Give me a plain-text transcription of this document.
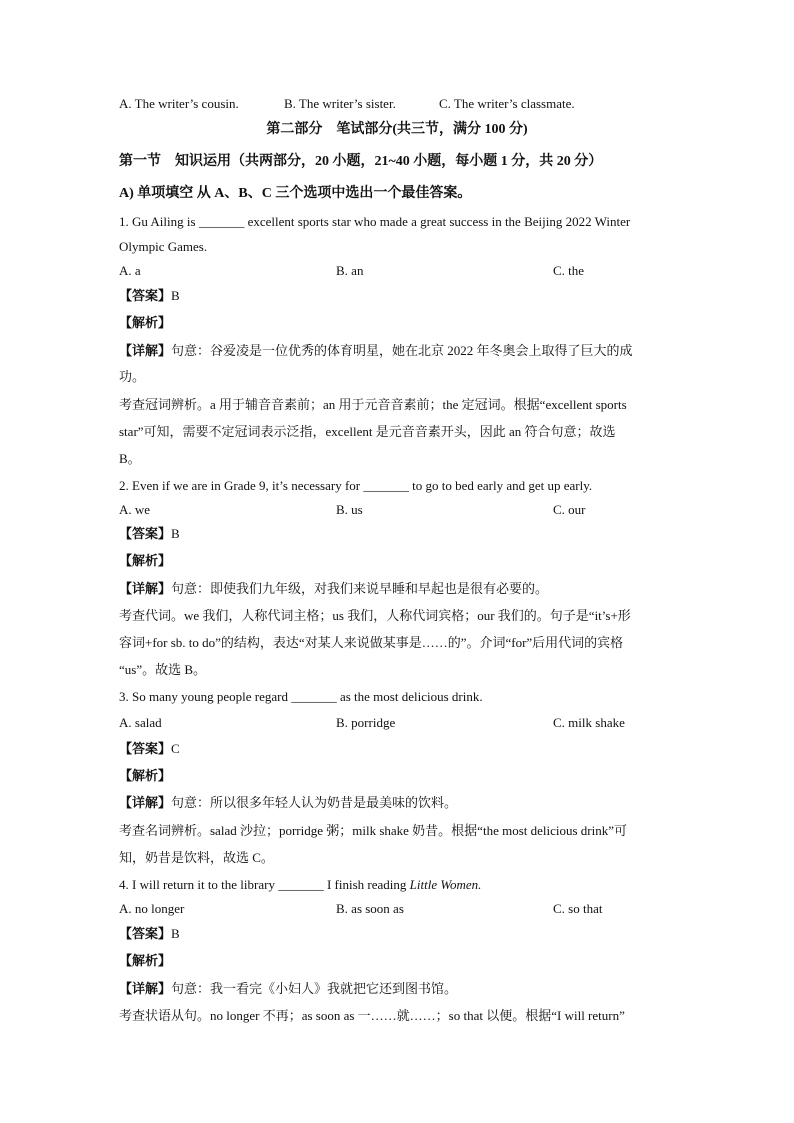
A. The writer’s cousin.	B. The writer’s sister.	C. The writer’s classmate.
第二部分　笔试部分(共三节，满分 100 分)
第一节　知识运用（共两部分，20 小题，21~40 小题，每小题 1 分，共 20 分）
A) 单项填空 从 A、B、C 三个选项中选出一个最佳答案。
1. Gu Ailing is _______ excellent sports star who made a great success in the Beijing 2022 Winter
Olympic Games.
A. a	B. an	C. the
【答案】B
【解析】
【详解】句意：谷爱凌是一位优秀的体育明星，她在北京 2022 年冬奥会上取得了巨大的成
功。
考查冠词辨析。a 用于辅音音素前；an 用于元音音素前；the 定冠词。根据“excellent sports
star”可知，需要不定冠词表示泛指，excellent 是元音音素开头，因此 an 符合句意；故选
B。
2. Even if we are in Grade 9, it’s necessary for _______ to go to bed early and get up early.
A. we	B. us	C. our
【答案】B
【解析】
【详解】句意：即使我们九年级，对我们来说早睡和早起也是很有必要的。
考查代词。we 我们，人称代词主格；us 我们，人称代词宾格；our 我们的。句子是“it’s+形
容词+for sb. to do”的结构，表达“对某人来说做某事是……的”。介词“for”后用代词的宾格
“us”。故选 B。
3. So many young people regard _______ as the most delicious drink.
A. salad	B. porridge	C. milk shake
【答案】C
【解析】
【详解】句意：所以很多年轻人认为奶昔是最美味的饮料。
考查名词辨析。salad 沙拉；porridge 粥；milk shake 奶昔。根据“the most delicious drink”可
知，奶昔是饮料，故选 C。
4. I will return it to the library _______ I finish reading Little Women.
A. no longer	B. as soon as	C. so that
【答案】B
【解析】
【详解】句意：我一看完《小妇人》我就把它还到图书馆。
考查状语从句。no longer 不再；as soon as 一……就……；so that 以便。根据“I will return”
